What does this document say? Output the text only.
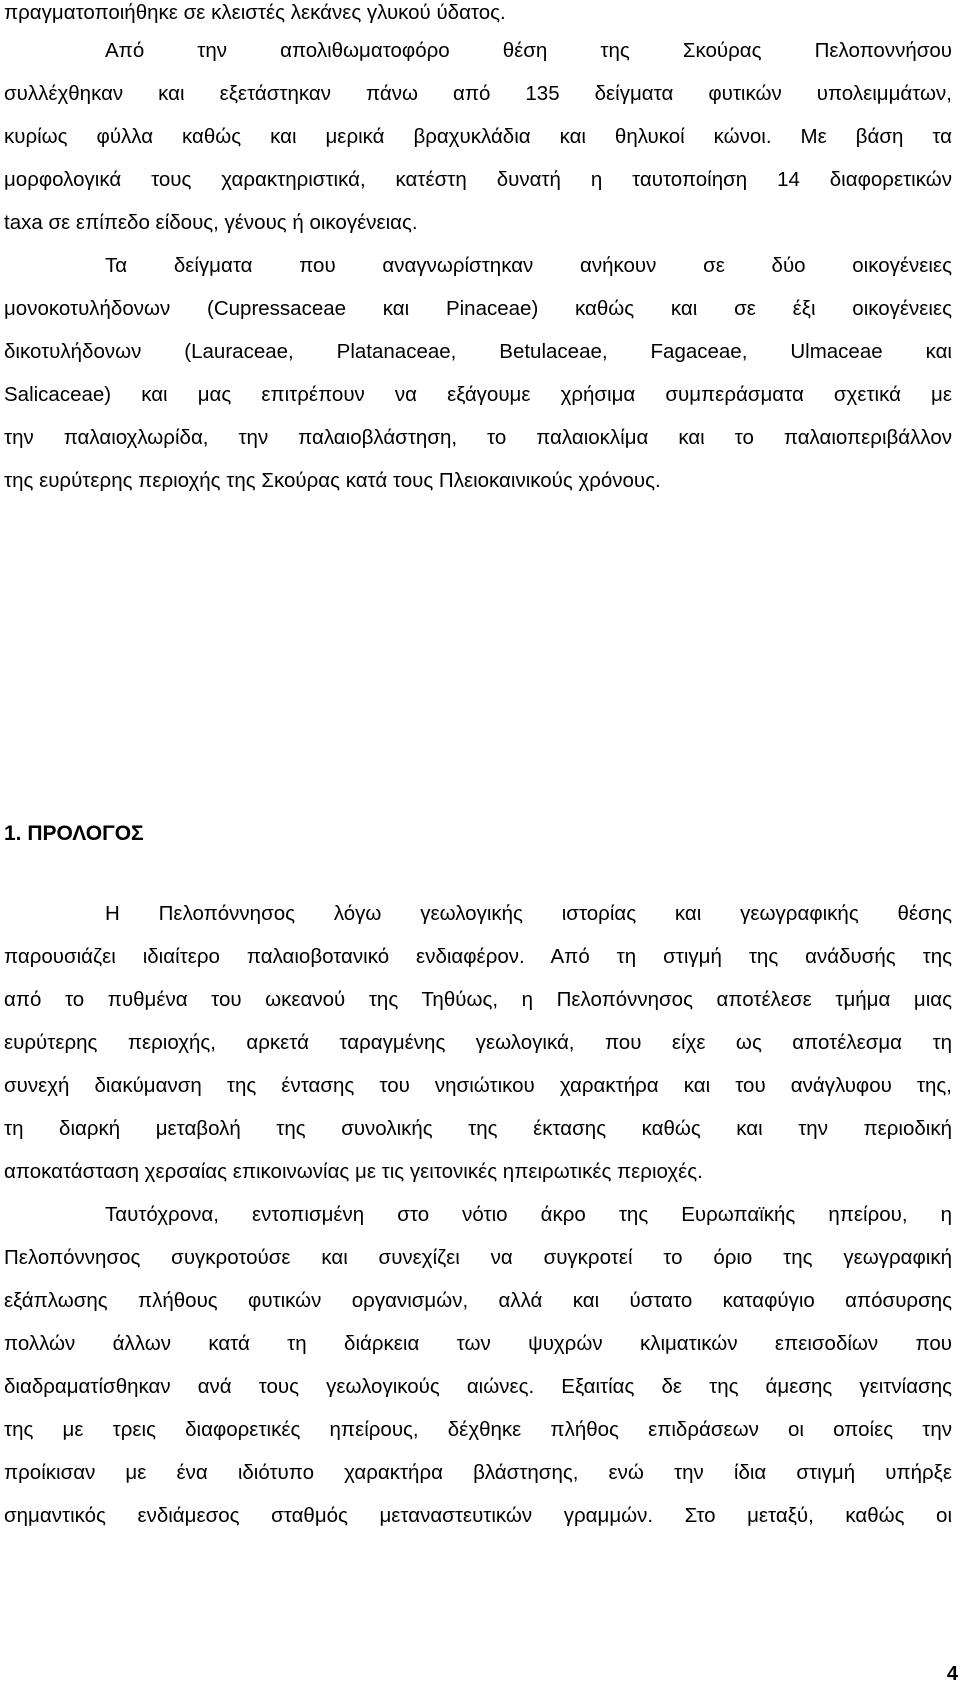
πραγματοποιήθηκε σε κλειστές λεκάνες γλυκού ύδατος.
Από την απολιθωματοφόρο θέση της Σκούρας Πελοποννήσου
συλλέχθηκαν και εξετάστηκαν πάνω από 135 δείγματα φυτικών υπολειμμάτων,
κυρίως φύλλα καθώς και μερικά βραχυκλάδια και θηλυκοί κώνοι. Με βάση τα
μορφολογικά τους χαρακτηριστικά, κατέστη δυνατή η ταυτοποίηση 14 διαφορετικών
taxa σε επίπεδο είδους, γένους ή οικογένειας.
Τα δείγματα που αναγνωρίστηκαν ανήκουν σε δύο οικογένειες
μονοκοτυλήδονων (Cupressaceae και Pinaceae) καθώς και σε έξι οικογένειες
δικοτυλήδονων (Lauraceae, Platanaceae, Betulaceae, Fagaceae, Ulmaceae και
Salicaceae) και μας επιτρέπουν να εξάγουμε χρήσιμα συμπεράσματα σχετικά με
την παλαιοχλωρίδα, την παλαιοβλάστηση, το παλαιοκλίμα και το παλαιοπεριβάλλον
της ευρύτερης περιοχής της Σκούρας κατά τους Πλειοκαινικούς χρόνους.
1. ΠΡΟΛΟΓΟΣ
Η Πελοπόννησος λόγω γεωλογικής ιστορίας και γεωγραφικής θέσης
παρουσιάζει ιδιαίτερο παλαιοβοτανικό ενδιαφέρον. Από τη στιγμή της ανάδυσής της
από το πυθμένα του ωκεανού της Τηθύως, η Πελοπόννησος αποτέλεσε τμήμα μιας
ευρύτερης περιοχής, αρκετά ταραγμένης γεωλογικά, που είχε ως αποτέλεσμα τη
συνεχή διακύμανση της έντασης του νησιώτικου χαρακτήρα και του ανάγλυφου της,
τη διαρκή μεταβολή της συνολικής της έκτασης καθώς και την περιοδική
αποκατάσταση χερσαίας επικοινωνίας με τις γειτονικές ηπειρωτικές περιοχές.
Ταυτόχρονα, εντοπισμένη στο νότιο άκρο της Ευρωπαϊκής ηπείρου, η
Πελοπόννησος συγκροτούσε και συνεχίζει να συγκροτεί το όριο της γεωγραφική
εξάπλωσης πλήθους φυτικών οργανισμών, αλλά και ύστατο καταφύγιο απόσυρσης
πολλών άλλων κατά τη διάρκεια των ψυχρών κλιματικών επεισοδίων που
διαδραματίσθηκαν ανά τους γεωλογικούς αιώνες. Εξαιτίας δε της άμεσης γειτνίασης
της με τρεις διαφορετικές ηπείρους, δέχθηκε πλήθος επιδράσεων οι οποίες την
προίκισαν με ένα ιδιότυπο χαρακτήρα βλάστησης, ενώ την ίδια στιγμή υπήρξε
σημαντικός ενδιάμεσος σταθμός μεταναστευτικών γραμμών. Στο μεταξύ, καθώς οι
4
